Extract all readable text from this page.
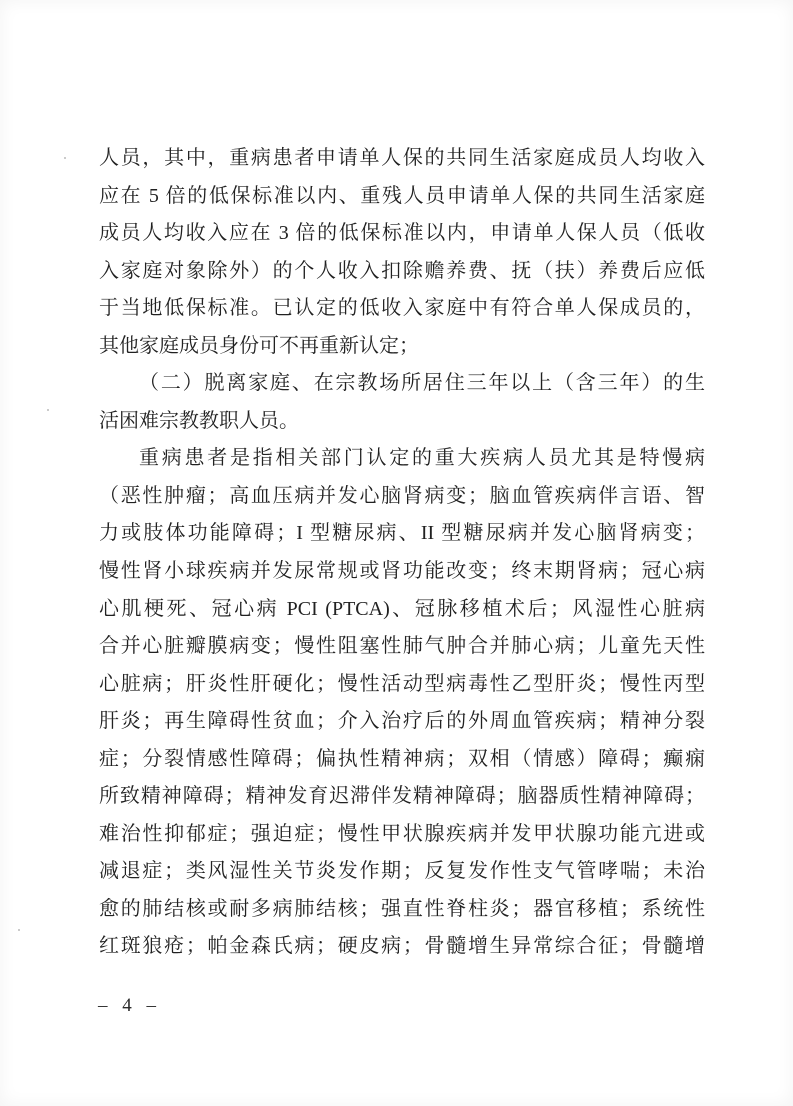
人员，其中，重病患者申请单人保的共同生活家庭成员人均收入
应在 5 倍的低保标准以内、重残人员申请单人保的共同生活家庭
成员人均收入应在 3 倍的低保标准以内，申请单人保人员（低收
入家庭对象除外）的个人收入扣除赡养费、抚（扶）养费后应低
于当地低保标准。已认定的低收入家庭中有符合单人保成员的，
其他家庭成员身份可不再重新认定；
（二）脱离家庭、在宗教场所居住三年以上（含三年）的生
活困难宗教教职人员。
重病患者是指相关部门认定的重大疾病人员尤其是特慢病
（恶性肿瘤；高血压病并发心脑肾病变；脑血管疾病伴言语、智
力或肢体功能障碍；I 型糖尿病、II 型糖尿病并发心脑肾病变；
慢性肾小球疾病并发尿常规或肾功能改变；终末期肾病；冠心病
心肌梗死、冠心病 PCI (PTCA)、冠脉移植术后；风湿性心脏病
合并心脏瓣膜病变；慢性阻塞性肺气肿合并肺心病；儿童先天性
心脏病；肝炎性肝硬化；慢性活动型病毒性乙型肝炎；慢性丙型
肝炎；再生障碍性贫血；介入治疗后的外周血管疾病；精神分裂
症；分裂情感性障碍；偏执性精神病；双相（情感）障碍；癫痫
所致精神障碍；精神发育迟滞伴发精神障碍；脑器质性精神障碍；
难治性抑郁症；强迫症；慢性甲状腺疾病并发甲状腺功能亢进或
减退症；类风湿性关节炎发作期；反复发作性支气管哮喘；未治
愈的肺结核或耐多病肺结核；强直性脊柱炎；器官移植；系统性
红斑狼疮；帕金森氏病；硬皮病；骨髓增生异常综合征；骨髓增
– 4 –
